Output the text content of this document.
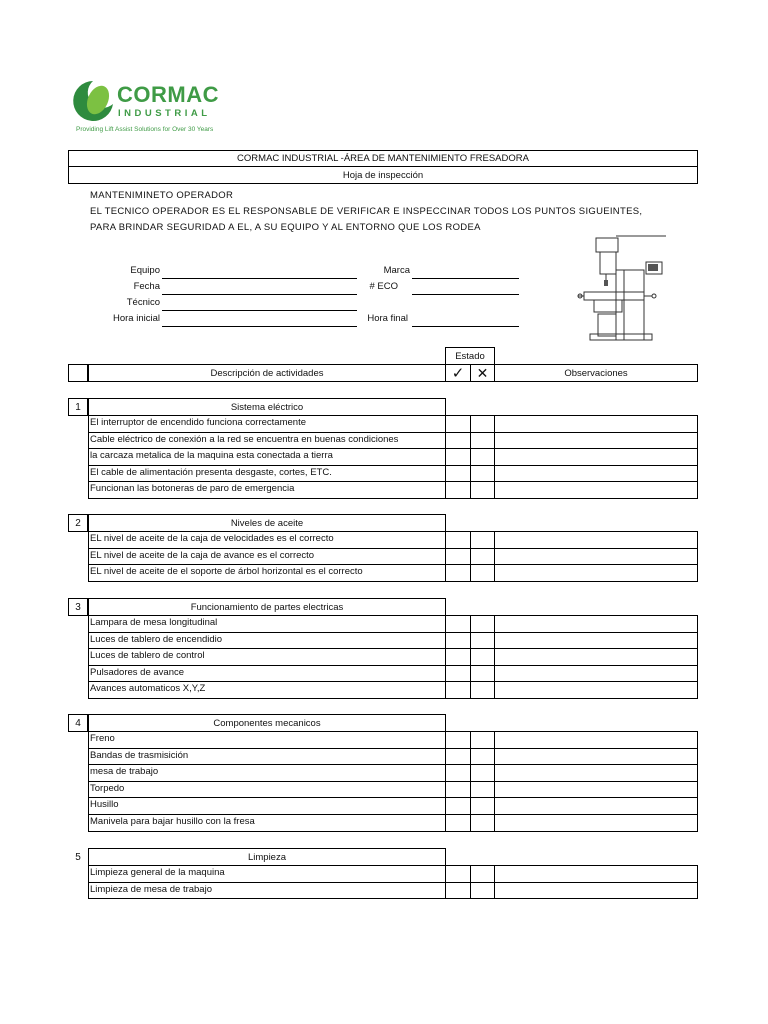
CORMAC
INDUSTRIAL
Providing Lift Assist Solutions for Over 30 Years
CORMAC INDUSTRIAL -ÁREA DE MANTENIMIENTO FRESADORA
Hoja de inspección
MANTENIMINETO OPERADOR
EL TECNICO OPERADOR ES EL RESPONSABLE DE VERIFICAR E INSPECCINAR TODOS LOS PUNTOS SIGUEINTES,
PARA BRINDAR SEGURIDAD A EL, A SU EQUIPO Y AL ENTORNO QUE LOS RODEA
Equipo
Fecha
Técnico
Hora inicial
Marca
# ECO
Hora final
Estado
Descripción de actividades	✓ ✕	Observaciones
1	Sistema eléctrico
El interruptor de encendido funciona correctamente
Cable eléctrico de conexión a la red se encuentra en buenas condiciones
la carcaza metalica de la maquina esta conectada a tierra
El cable de alimentación presenta desgaste, cortes, ETC.
Funcionan las botoneras de paro de emergencia
2	Niveles de aceite
EL nivel de aceite de la caja de velocidades es el correcto
EL nivel de aceite de la caja de avance es el correcto
EL nivel de aceite de el soporte de árbol horizontal es el correcto
3	Funcionamiento de partes electricas
Lampara de mesa longitudinal
Luces de tablero de encendidio
Luces de tablero de control
Pulsadores de avance
Avances automaticos X,Y,Z
4	Componentes mecanicos
Freno
Bandas de trasmisición
mesa de trabajo
Torpedo
Husillo
Manivela para bajar husillo con la fresa
5	Limpieza
Limpieza general de la maquina
Limpieza de mesa de trabajo
